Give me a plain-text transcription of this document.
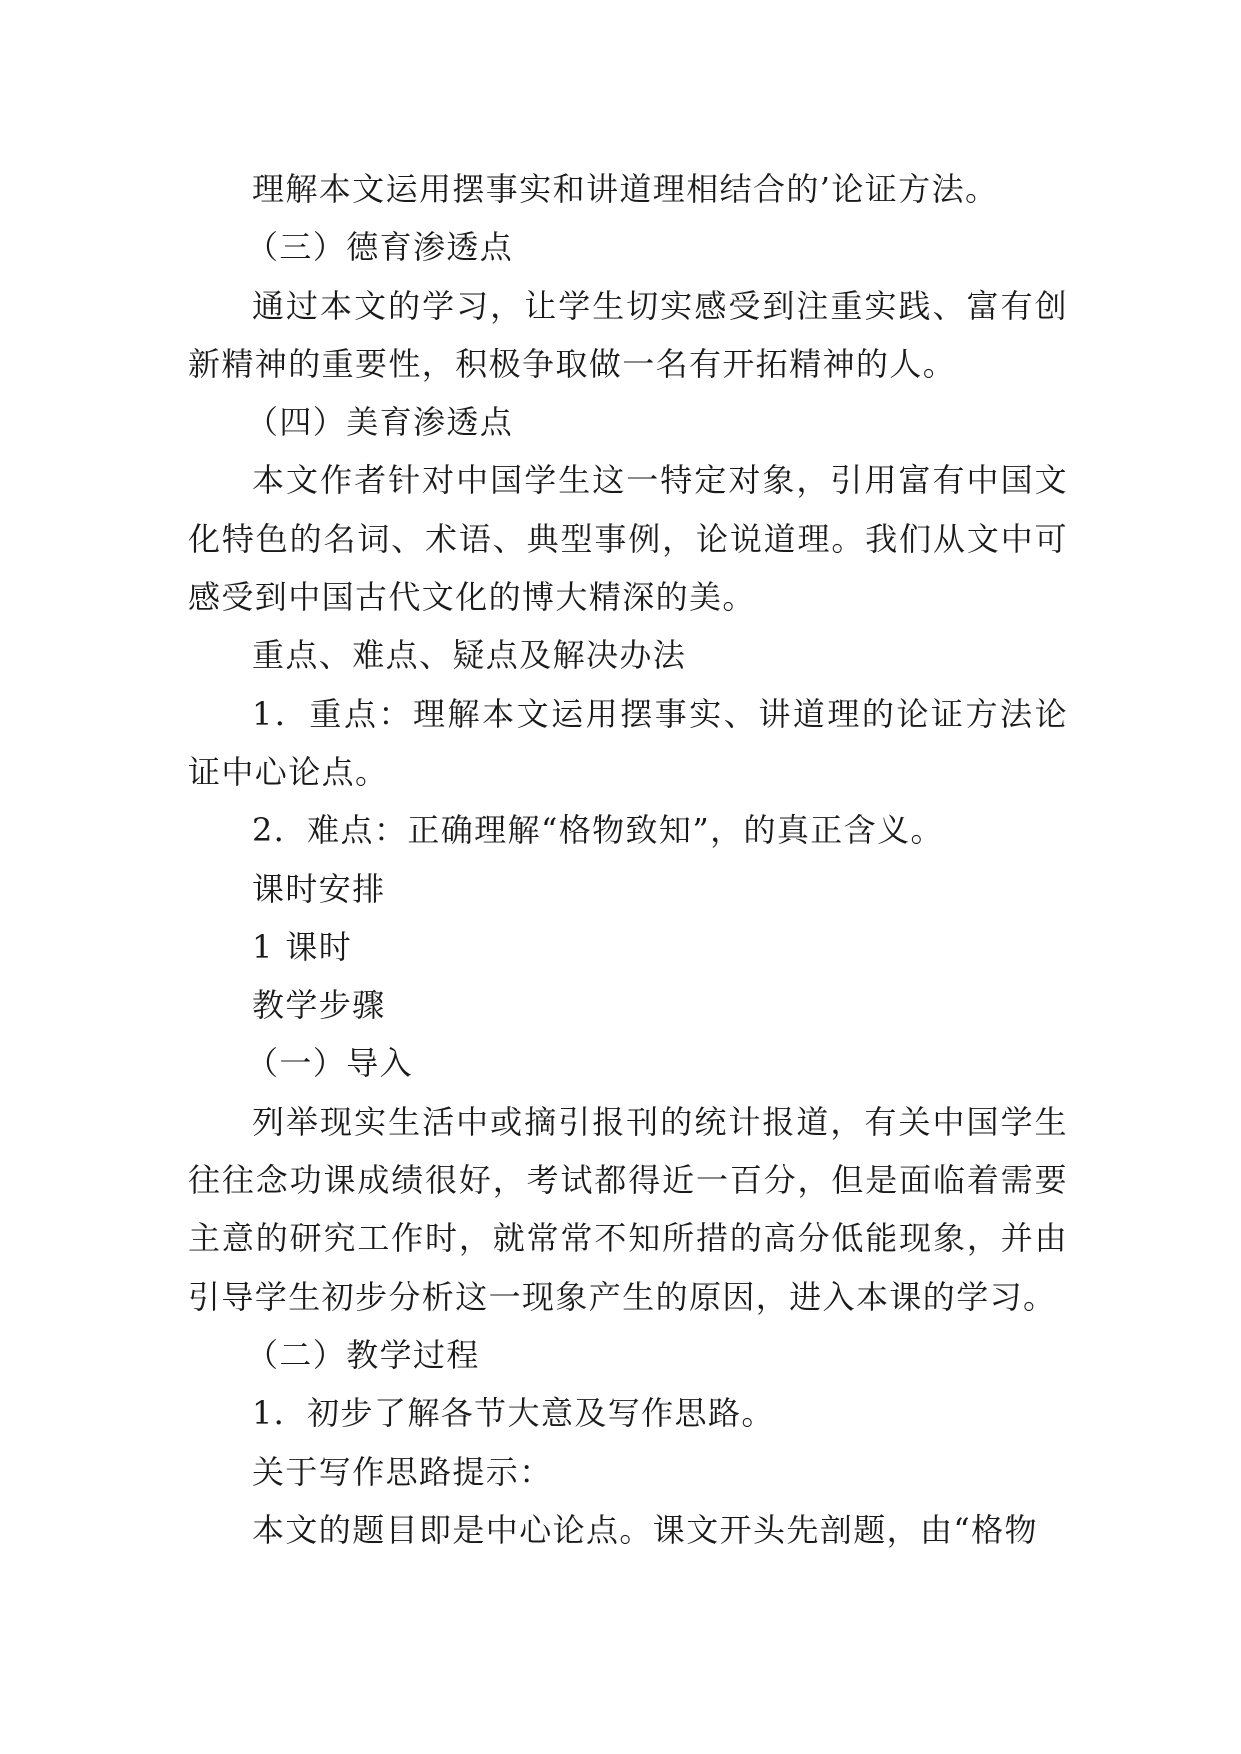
理解本文运用摆事实和讲道理相结合的’论证方法。

（三）德育渗透点

通过本文的学习，让学生切实感受到注重实践、富有创新精神的重要性，积极争取做一名有开拓精神的人。

（四）美育渗透点

本文作者针对中国学生这一特定对象，引用富有中国文化特色的名词、术语、典型事例，论说道理。我们从文中可感受到中国古代文化的博大精深的美。

重点、难点、疑点及解决办法

1．重点：理解本文运用摆事实、讲道理的论证方法论证中心论点。

2．难点：正确理解“格物致知”，的真正含义。

课时安排

1 课时

教学步骤

（一）导入

列举现实生活中或摘引报刊的统计报道，有关中国学生往往念功课成绩很好，考试都得近一百分，但是面临着需要主意的研究工作时，就常常不知所措的高分低能现象，并由引导学生初步分析这一现象产生的原因，进入本课的学习。

（二）教学过程

1．初步了解各节大意及写作思路。

关于写作思路提示：

本文的题目即是中心论点。课文开头先剖题，由“格物
